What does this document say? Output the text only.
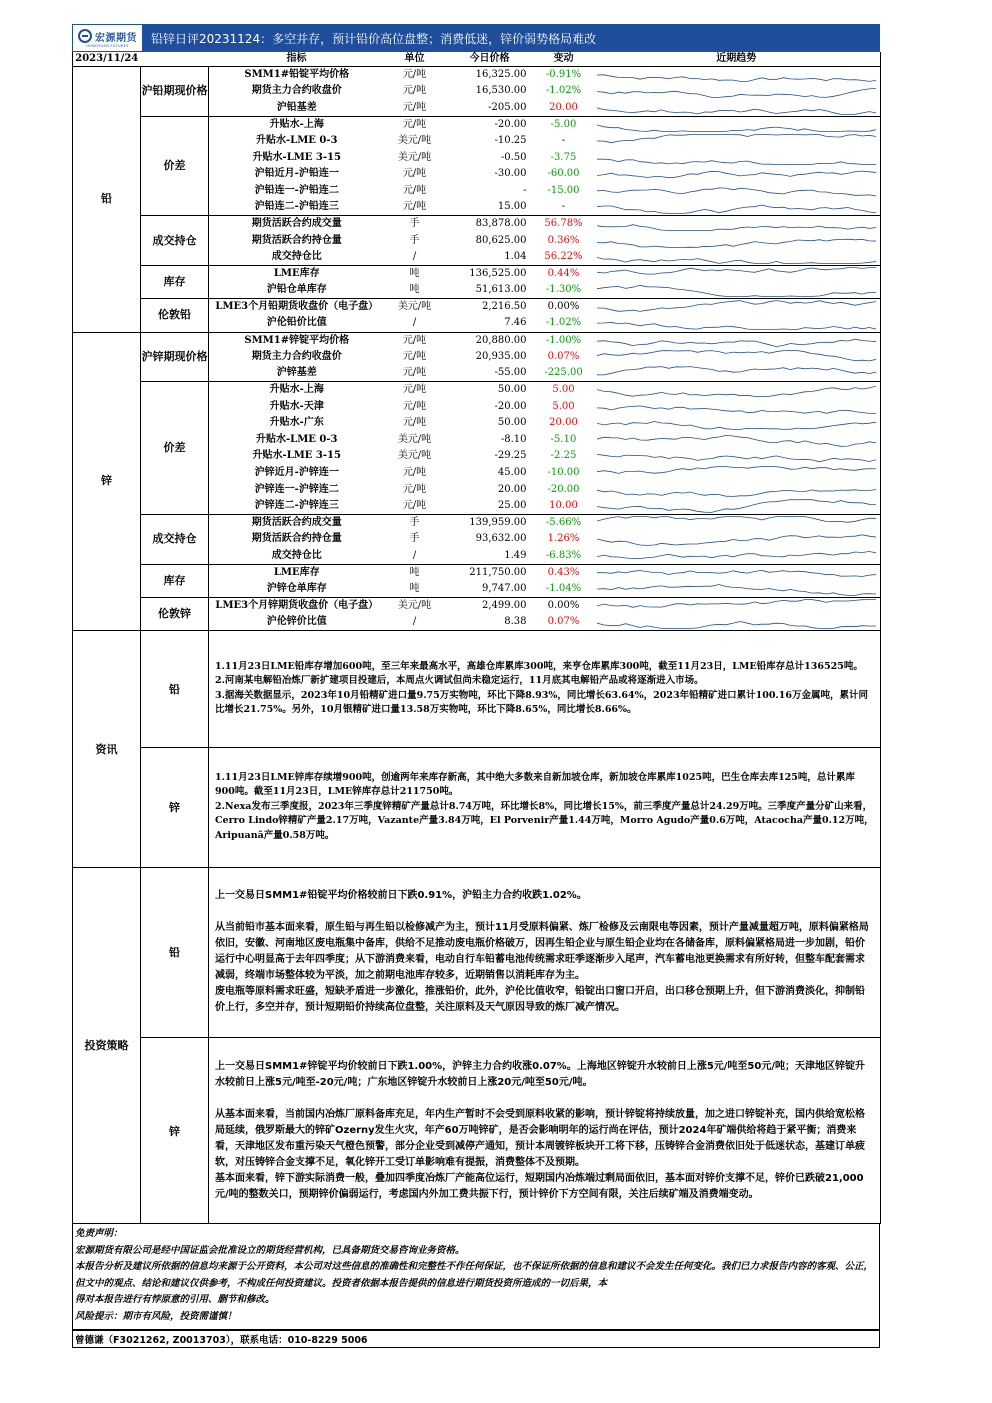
宏源期货
HONGYUAN FUTURES	铅锌日评20231124：多空并存，预计铅价高位盘整；消费低迷，锌价弱势格局难改
2023/11/24		指标	单位	今日价格	变动	近期趋势
铅	沪铅期现价格	SMM1#铅锭平均价格	元/吨	16,325.00	-0.91%	

		期货主力合约收盘价	元/吨	16,530.00	-1.02%	

		沪铅基差	元/吨	-205.00	20.00	

	价差	升贴水-上海	元/吨	-20.00	-5.00	

		升贴水-LME 0-3	美元/吨	-10.25	-	

		升贴水-LME 3-15	美元/吨	-0.50	-3.75	

		沪铅近月-沪铅连一	元/吨	-30.00	-60.00	

		沪铅连一-沪铅连二	元/吨	-	-15.00	

		沪铅连二-沪铅连三	元/吨	15.00	-	

	成交持仓	期货活跃合约成交量	手	83,878.00	56.78%	

		期货活跃合约持仓量	手	80,625.00	0.36%	

		成交持仓比	/	1.04	56.22%	

	库存	LME库存	吨	136,525.00	0.44%	

		沪铅仓单库存	吨	51,613.00	-1.30%	

	伦敦铅	LME3个月铅期货收盘价（电子盘）	美元/吨	2,216.50	0.00%	

		沪伦铅价比值	/	7.46	-1.02%	

锌	沪锌期现价格	SMM1#锌锭平均价格	元/吨	20,880.00	-1.00%	

		期货主力合约收盘价	元/吨	20,935.00	0.07%	

		沪锌基差	元/吨	-55.00	-225.00	

	价差	升贴水-上海	元/吨	50.00	5.00	

		升贴水-天津	元/吨	-20.00	5.00	

		升贴水-广东	元/吨	50.00	20.00	

		升贴水-LME 0-3	美元/吨	-8.10	-5.10	

		升贴水-LME 3-15	美元/吨	-29.25	-2.25	

		沪锌近月-沪锌连一	元/吨	45.00	-10.00	

		沪锌连一-沪锌连二	元/吨	20.00	-20.00	

		沪锌连二-沪锌连三	元/吨	25.00	10.00	

	成交持仓	期货活跃合约成交量	手	139,959.00	-5.66%	

		期货活跃合约持仓量	手	93,632.00	1.26%	

		成交持仓比	/	1.49	-6.83%	

	库存	LME库存	吨	211,750.00	0.43%	

		沪锌仓单库存	吨	9,747.00	-1.04%	

	伦敦锌	LME3个月锌期货收盘价（电子盘）	美元/吨	2,499.00	0.00%	

		沪伦锌价比值	/	8.38	0.07%	
资讯	铅	1.11月23日LME铅库存增加600吨，至三年来最高水平，高雄仓库累库300吨，来亨仓库累库300吨，截至11月23日，LME铅库存总计136525吨。

2.河南某电解铅冶炼厂新扩建项目投建后，本周点火调试但尚未稳定运行，11月底其电解铅产品或将逐渐进入市场。

3.据海关数据显示，2023年10月铅精矿进口量9.75万实物吨，环比下降8.93%，同比增长63.64%，2023年铅精矿进口累计100.16万金属吨，累计同比增长21.75%。另外，10月银精矿进口量13.58万实物吨，环比下降8.65%，同比增长8.66%。

	锌	1.11月23日LME锌库存续增900吨，创逾两年来库存新高，其中绝大多数来自新加坡仓库，新加坡仓库累库1025吨，巴生仓库去库125吨，总计累库900吨。截至11月23日，LME锌库存总计211750吨。

2.Nexa发布三季度报，2023年三季度锌精矿产量总计8.74万吨，环比增长8%，同比增长15%，前三季度产量总计24.29万吨。三季度产量分矿山来看，Cerro Lindo锌精矿产量2.17万吨，Vazante产量3.84万吨，El Porvenir产量1.44万吨，Morro Agudo产量0.6万吨，Atacocha产量0.12万吨，Aripuanã产量0.58万吨。

投资策略	铅	上一交易日SMM1#铅锭平均价格较前日下跌0.91%，沪铅主力合约收跌1.02%。

从当前铅市基本面来看，原生铅与再生铅以检修减产为主，预计11月受原料偏紧、炼厂检修及云南限电等因素，预计产量减量超万吨，原料偏紧格局依旧，安徽、河南地区废电瓶集中备库，供给不足推动废电瓶价格破万，因再生铅企业与原生铅企业均在各储备库，原料偏紧格局进一步加剧，铅价运行中心明显高于去年四季度；从下游消费来看，电动自行车铅蓄电池传统需求旺季逐渐步入尾声，汽车蓄电池更换需求有所好转，但整车配套需求减弱，终端市场整体较为平淡，加之前期电池库存较多，近期销售以消耗库存为主。

废电瓶等原料需求旺盛，短缺矛盾进一步激化，推涨铅价，此外，沪伦比值收窄，铅锭出口窗口开启，出口移仓预期上升，但下游消费淡化，抑制铅价上行，多空并存，预计短期铅价持续高位盘整，关注原料及天气原因导致的炼厂减产情况。

	锌	上一交易日SMM1#锌锭平均价较前日下跌1.00%，沪锌主力合约收涨0.07%。上海地区锌锭升水较前日上涨5元/吨至50元/吨；天津地区锌锭升水较前日上涨5元/吨至-20元/吨；广东地区锌锭升水较前日上涨20元/吨至50元/吨。

从基本面来看，当前国内冶炼厂原料备库充足，年内生产暂时不会受到原料收紧的影响，预计锌锭将持续放量，加之进口锌锭补充，国内供给宽松格局延续，俄罗斯最大的锌矿Ozerny发生火灾，年产60万吨锌矿，是否会影响明年的运行尚在评估，预计2024年矿端供给将趋于紧平衡；消费来看，天津地区发布重污染天气橙色预警，部分企业受到减停产通知，预计本周镀锌板块开工将下移，压铸锌合金消费依旧处于低迷状态，基建订单疲软，对压铸锌合金支撑不足，氧化锌开工受订单影响难有提振，消费整体不及预期。

基本面来看，锌下游实际消费一般，叠加四季度冶炼厂产能高位运行，短期国内冶炼端过剩局面依旧，基本面对锌价支撑不足，锌价已跌破21,000元/吨的整数关口，预期锌价偏弱运行，考虑国内外加工费共振下行，预计锌价下方空间有限，关注后续矿端及消费端变动。

免责声明：

宏源期货有限公司是经中国证监会批准设立的期货经营机构，已具备期货交易咨询业务资格。

本报告分析及建议所依据的信息均来源于公开资料，本公司对这些信息的准确性和完整性不作任何保证，也不保证所依据的信息和建议不会发生任何变化。我们已力求报告内容的客观、公正，但文中的观点、结论和建议仅供参考，不构成任何投资建议。投资者依据本报告提供的信息进行期货投资所造成的一切后果，本

得对本报告进行有悖原意的引用、删节和修改。

风险提示：期市有风险，投资需谨慎！

曾德谦（F3021262, Z0013703），联系电话：010-8229 5006
